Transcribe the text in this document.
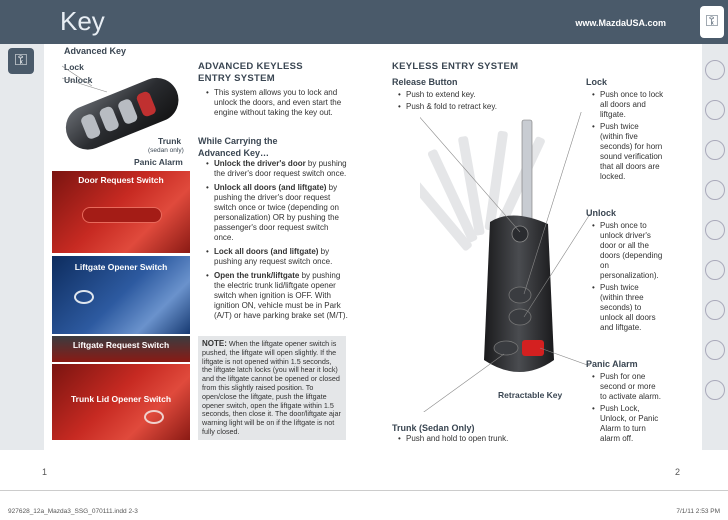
Key	www.MazdaUSA.com	⚿
⚿
Advanced Key
Lock
Unlock
Trunk
(sedan only)
Panic Alarm
Door Request Switch
Liftgate Opener Switch
Liftgate Request Switch
Trunk Lid Opener Switch
ADVANCED KEYLESS
ENTRY SYSTEM
• This system allows you to lock and unlock the doors, and even start the engine without taking the key out.
While Carrying the
Advanced Key…
• Unlock the driver's door by pushing the driver's door request switch once.
• Unlock all doors (and liftgate) by pushing the driver's door request switch once or twice (depending on personalization) OR by pushing the passenger's door request switch once.
• Lock all doors (and liftgate) by pushing any request switch once.
• Open the trunk/liftgate by pushing the electric trunk lid/liftgate opener switch when ignition is OFF. With ignition ON, vehicle must be in Park (A/T) or have parking brake set (M/T).
NOTE: When the liftgate opener switch is pushed, the liftgate will open slightly. If the liftgate is not opened within 1.5 seconds, the liftgate latch locks (you will hear it lock) and the liftgate cannot be opened or closed from this slightly raised position. To open/close the liftgate, push the liftgate opener switch, open the liftgate within 1.5 seconds, then close it. The door/liftgate ajar warning light will be on if the liftgate is not fully closed.
KEYLESS ENTRY SYSTEM
Release Button
• Push to extend key.
• Push & fold to retract key.
Retractable Key
Trunk (Sedan Only)
• Push and hold to open trunk.
Lock
• Push once to lock all doors and liftgate.
• Push twice (within five seconds) for horn sound verification that all doors are locked.
Unlock
• Push once to unlock driver's door or all the doors (depending on personalization).
• Push twice (within three seconds) to unlock all doors and liftgate.
Panic Alarm
• Push for one second or more to activate alarm.
• Push Lock, Unlock, or Panic Alarm to turn alarm off.
1	2
927628_12a_Mazda3_SSG_070111.indd 2-3	7/1/11 2:53 PM
